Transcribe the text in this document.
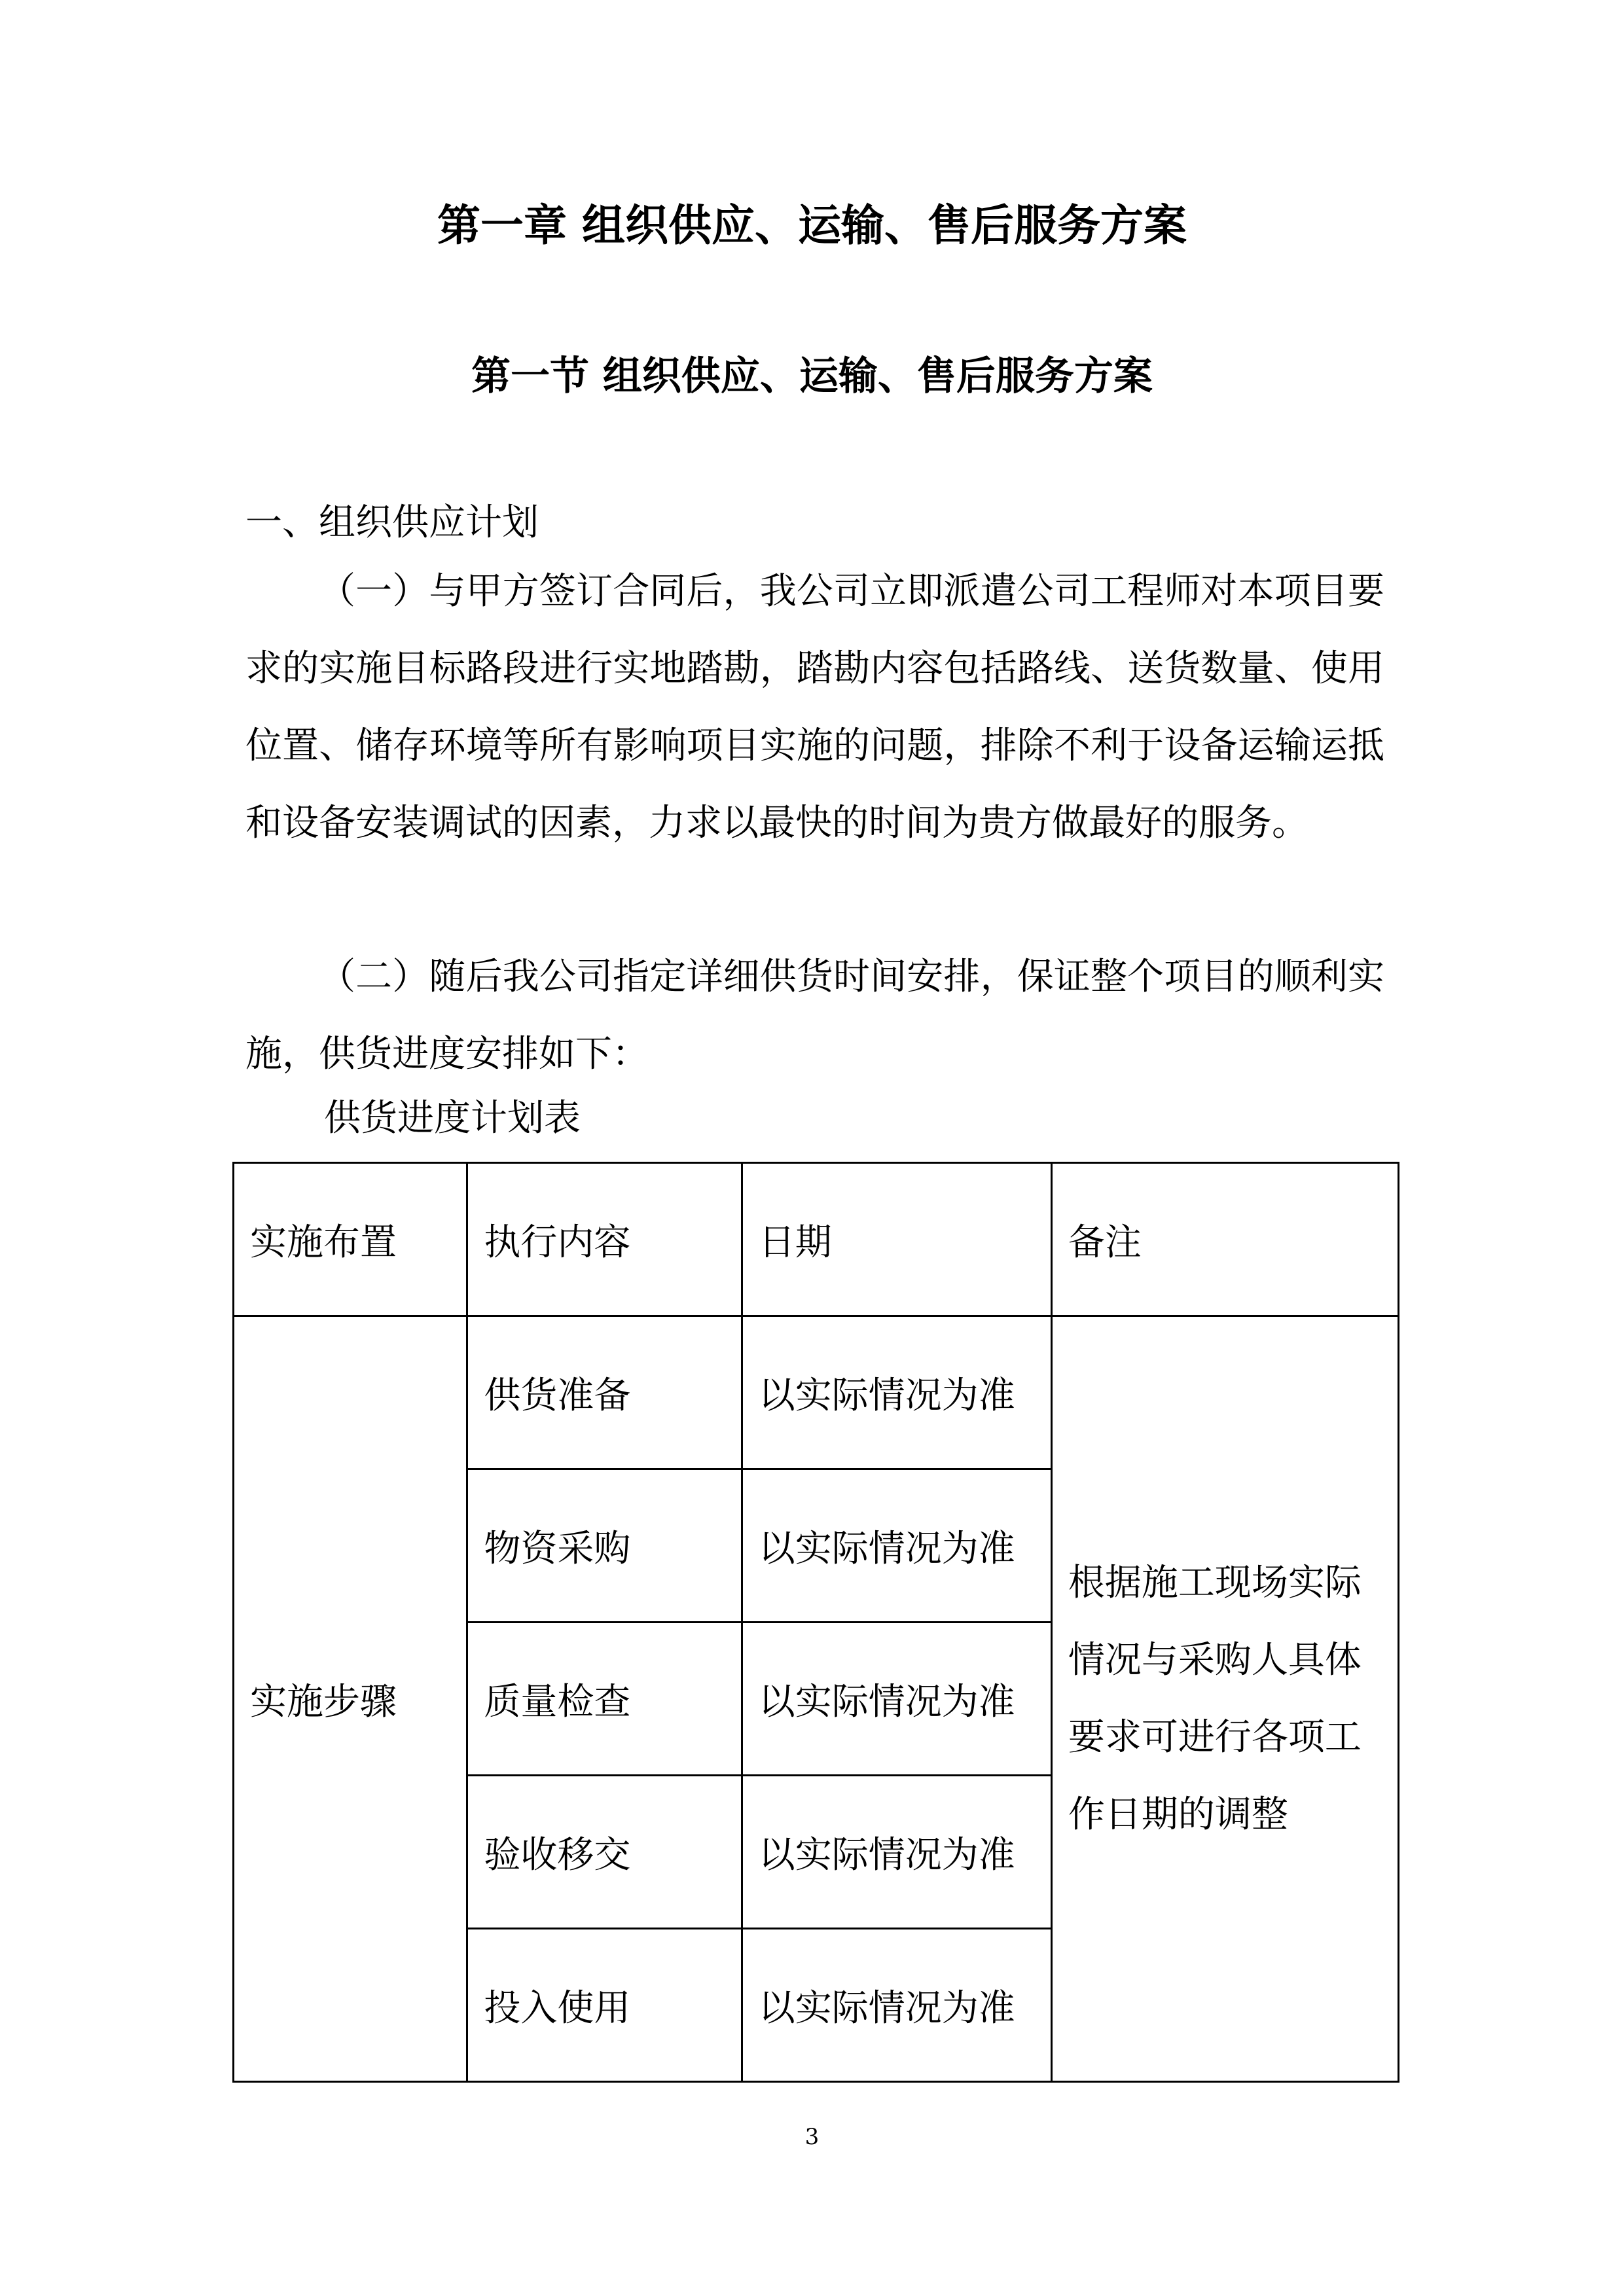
第一章 组织供应、运输、售后服务方案
第一节 组织供应、运输、售后服务方案

一、组织供应计划

（一）与甲方签订合同后，我公司立即派遣公司工程师对本项目要求的实施目标路段进行实地踏勘，踏勘内容包括路线、送货数量、使用位置、储存环境等所有影响项目实施的问题，排除不利于设备运输运抵和设备安装调试的因素，力求以最快的时间为贵方做最好的服务。

（二）随后我公司指定详细供货时间安排，保证整个项目的顺利实施，供货进度安排如下：

供货进度计划表

实施布置	执行内容	日期	备注
实施步骤	供货准备	以实际情况为准	根据施工现场实际情况与采购人具体要求可进行各项工作日期的调整
	物资采购	以实际情况为准	
	质量检查	以实际情况为准	
	验收移交	以实际情况为准	
	投入使用	以实际情况为准	

3
